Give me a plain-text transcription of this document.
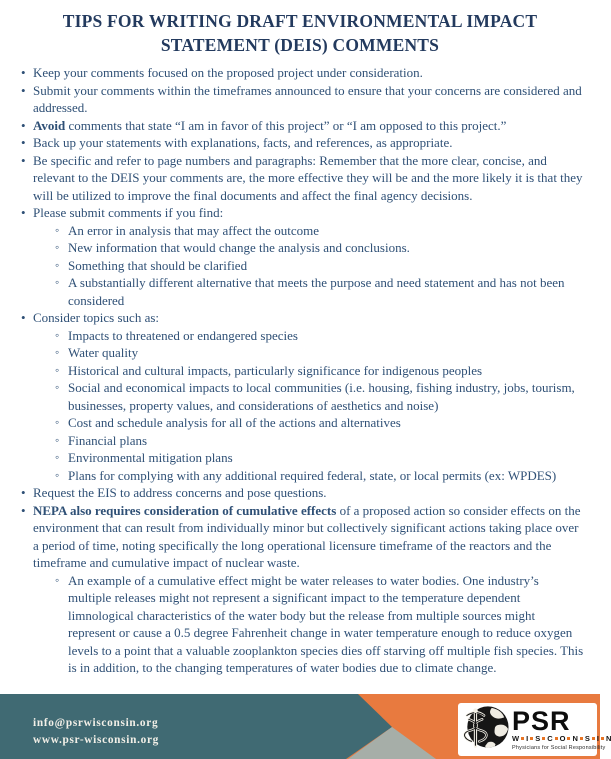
TIPS FOR WRITING DRAFT ENVIRONMENTAL IMPACT STATEMENT (DEIS) COMMENTS
• Keep your comments focused on the proposed project under consideration.
• Submit your comments within the timeframes announced to ensure that your concerns are considered and addressed.
• Avoid comments that state “I am in favor of this project” or “I am opposed to this project.”
• Back up your statements with explanations, facts, and references, as appropriate.
• Be specific and refer to page numbers and paragraphs: Remember that the more clear, concise, and relevant to the DEIS your comments are, the more effective they will be and the more likely it is that they will be utilized to improve the final documents and affect the final agency decisions.
• Please submit comments if you find:
◦ An error in analysis that may affect the outcome
◦ New information that would change the analysis and conclusions.
◦ Something that should be clarified
◦ A substantially different alternative that meets the purpose and need statement and has not been considered
• Consider topics such as:
◦ Impacts to threatened or endangered species
◦ Water quality
◦ Historical and cultural impacts, particularly significance for indigenous peoples
◦ Social and economical impacts to local communities (i.e. housing, fishing industry, jobs, tourism, businesses, property values, and considerations of aesthetics and noise)
◦ Cost and schedule analysis for all of the actions and alternatives
◦ Financial plans
◦ Environmental mitigation plans
◦ Plans for complying with any additional required federal, state, or local permits (ex: WPDES)
• Request the EIS to address concerns and pose questions.
• NEPA also requires consideration of cumulative effects of a proposed action so consider effects on the environment that can result from individually minor but collectively significant actions taking place over a period of time, noting specifically the long operational licensure timeframe of the reactors and the timeframe and cumulative impact of nuclear waste.
◦ An example of a cumulative effect might be water releases to water bodies. One industry’s multiple releases might not represent a significant impact to the temperature dependent limnological characteristics of the water body but the release from multiple sources might represent or cause a 0.5 degree Fahrenheit change in water temperature enough to reduce oxygen levels to a point that a valuable zooplankton species dies off starving off multiple fish species. This is in addition, to the changing temperatures of water bodies due to climate change.
info@psrwisconsin.org
www.psr-wisconsin.org
PSR
W I S C O N S I N
Physicians for Social Responsibility
